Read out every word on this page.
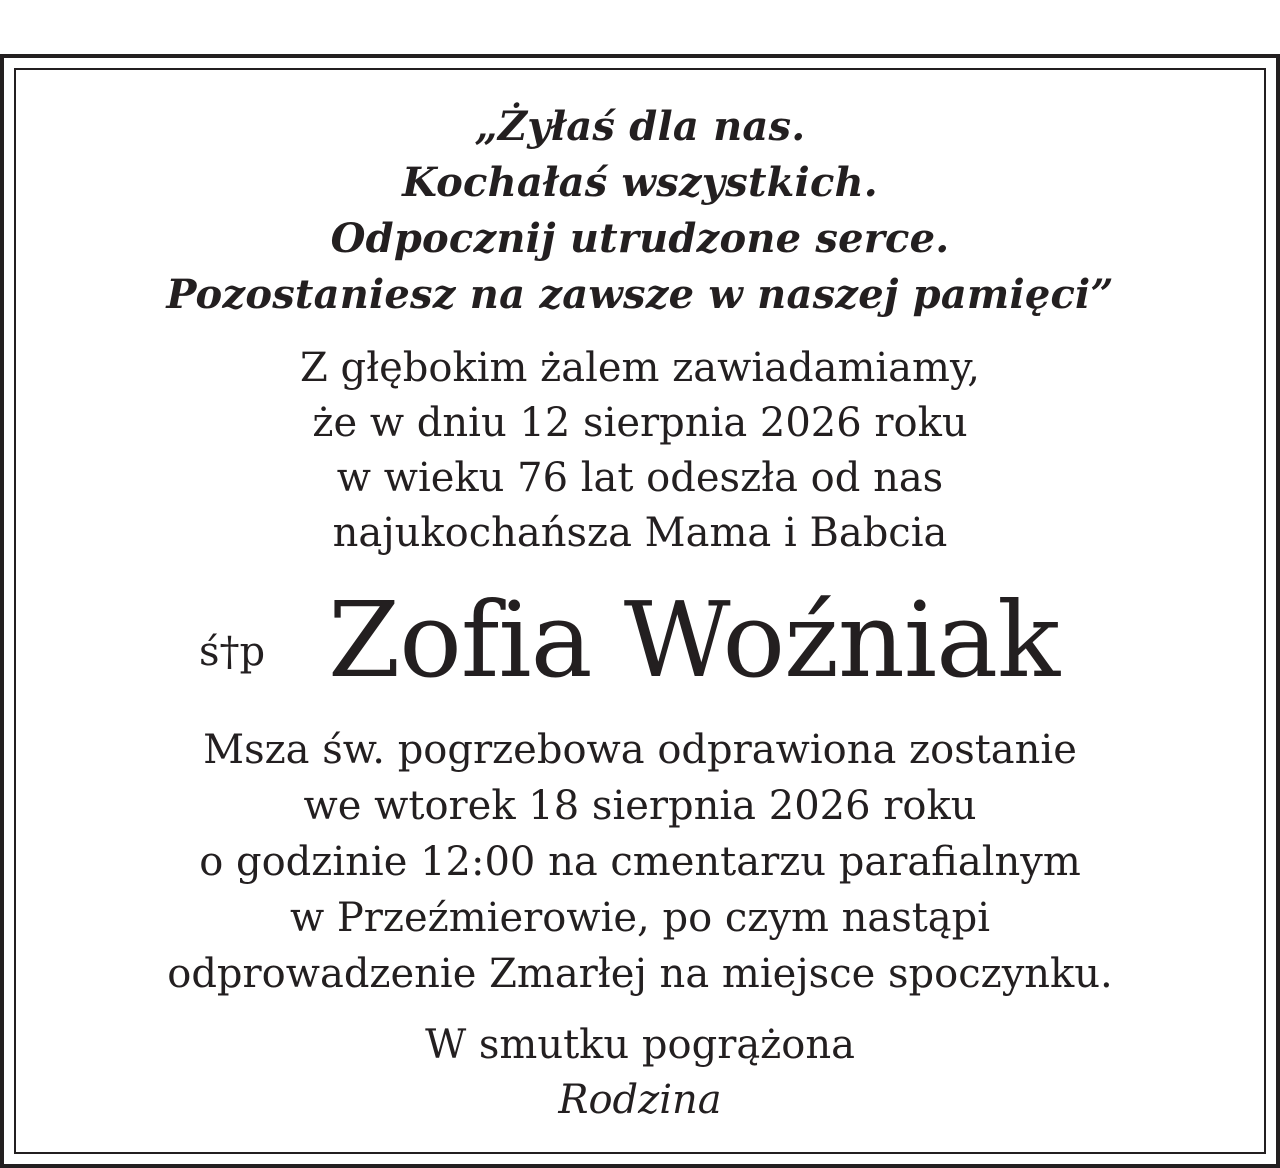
„Żyłaś dla nas.
Kochałaś wszystkich.
Odpocznij utrudzone serce.
Pozostaniesz na zawsze w naszej pamięci”
Z głębokim żalem zawiadamiamy,
że w dniu 12 sierpnia 2026 roku
w wieku 76 lat odeszła od nas
najukochańsza Mama i Babcia
ś†p Zofia Woźniak
Msza św. pogrzebowa odprawiona zostanie
we wtorek 18 sierpnia 2026 roku
o godzinie 12:00 na cmentarzu parafialnym
w Przeźmierowie, po czym nastąpi
odprowadzenie Zmarłej na miejsce spoczynku.
W smutku pogrążona
Rodzina
